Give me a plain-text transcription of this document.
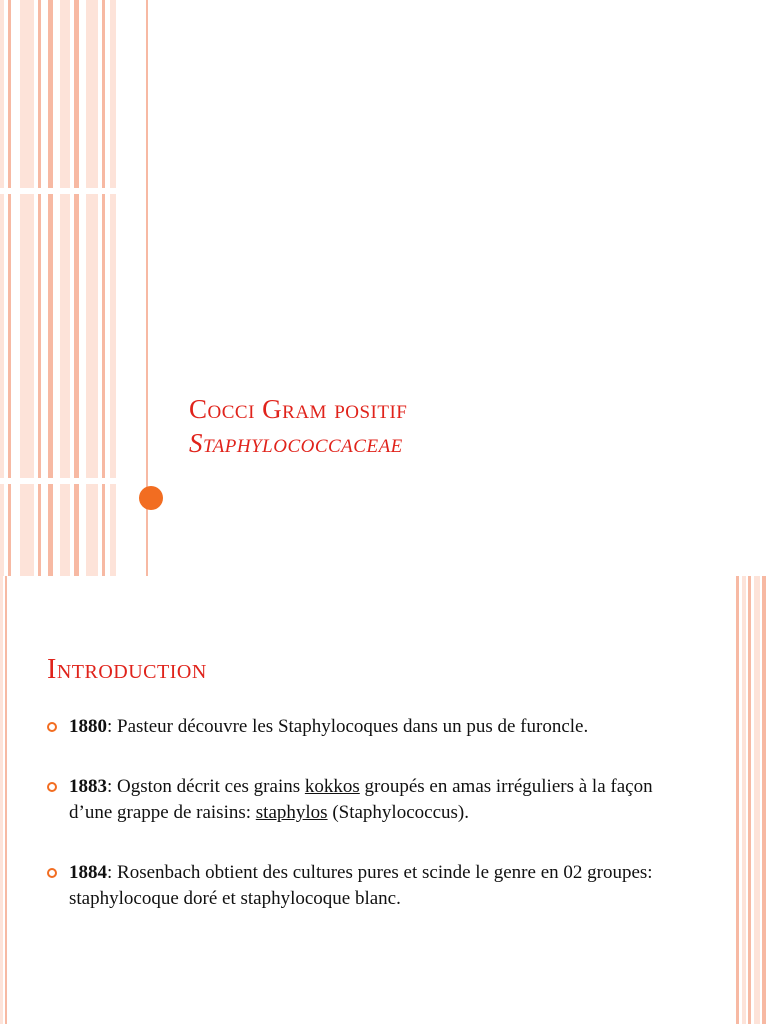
Cocci Gram positif
Staphylococcaceae
Introduction
1880: Pasteur découvre les Staphylocoques dans un pus de furoncle.
1883: Ogston décrit ces grains kokkos groupés en amas irréguliers à la façon d’une grappe de raisins: staphylos (Staphylococcus).
1884: Rosenbach obtient des cultures pures et scinde le genre en 02 groupes: staphylocoque doré et staphylocoque blanc.
